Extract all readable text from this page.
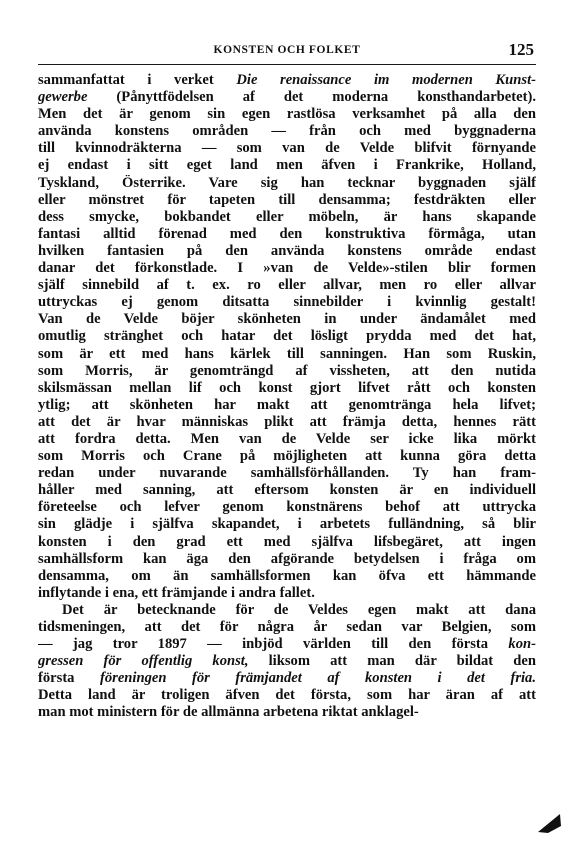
KONSTEN OCH FOLKET	125
sammanfattat i verket Die renaissance im modernen Kunst-
gewerbe (Pånyttfödelsen af det moderna konsthandarbetet).
Men det är genom sin egen rastlösa verksamhet på alla den
använda konstens områden — från och med byggnaderna
till kvinnodräkterna — som van de Velde blifvit förnyande
ej endast i sitt eget land men äfven i Frankrike, Holland,
Tyskland, Österrike. Vare sig han tecknar byggnaden själf
eller mönstret för tapeten till densamma; festdräkten eller
dess smycke, bokbandet eller möbeln, är hans skapande
fantasi alltid förenad med den konstruktiva förmåga, utan
hvilken fantasien på den använda konstens område endast
danar det förkonstlade. I »van de Velde»-stilen blir formen
själf sinnebild af t. ex. ro eller allvar, men ro eller allvar
uttryckas ej genom ditsatta sinnebilder i kvinnlig gestalt!
Van de Velde böjer skönheten in under ändamålet med
omutlig stränghet och hatar det lösligt prydda med det hat,
som är ett med hans kärlek till sanningen. Han som Ruskin,
som Morris, är genomträngd af vissheten, att den nutida
skilsmässan mellan lif och konst gjort lifvet rått och konsten
ytlig; att skönheten har makt att genomtränga hela lifvet;
att det är hvar människas plikt att främja detta, hennes rätt
att fordra detta. Men van de Velde ser icke lika mörkt
som Morris och Crane på möjligheten att kunna göra detta
redan under nuvarande samhällsförhållanden. Ty han fram-
håller med sanning, att eftersom konsten är en individuell
företeelse och lefver genom konstnärens behof att uttrycka
sin glädje i själfva skapandet, i arbetets fulländning, så blir
konsten i den grad ett med själfva lifsbegäret, att ingen
samhällsform kan äga den afgörande betydelsen i fråga om
densamma, om än samhällsformen kan öfva ett hämmande
inflytande i ena, ett främjande i andra fallet.
Det är betecknande för de Veldes egen makt att dana
tidsmeningen, att det för några år sedan var Belgien, som
— jag tror 1897 — inbjöd världen till den första kon-
gressen för offentlig konst, liksom att man där bildat den
första föreningen för främjandet af konsten i det fria.
Detta land är troligen äfven det första, som har äran af att
man mot ministern för de allmänna arbetena riktat anklagel-
